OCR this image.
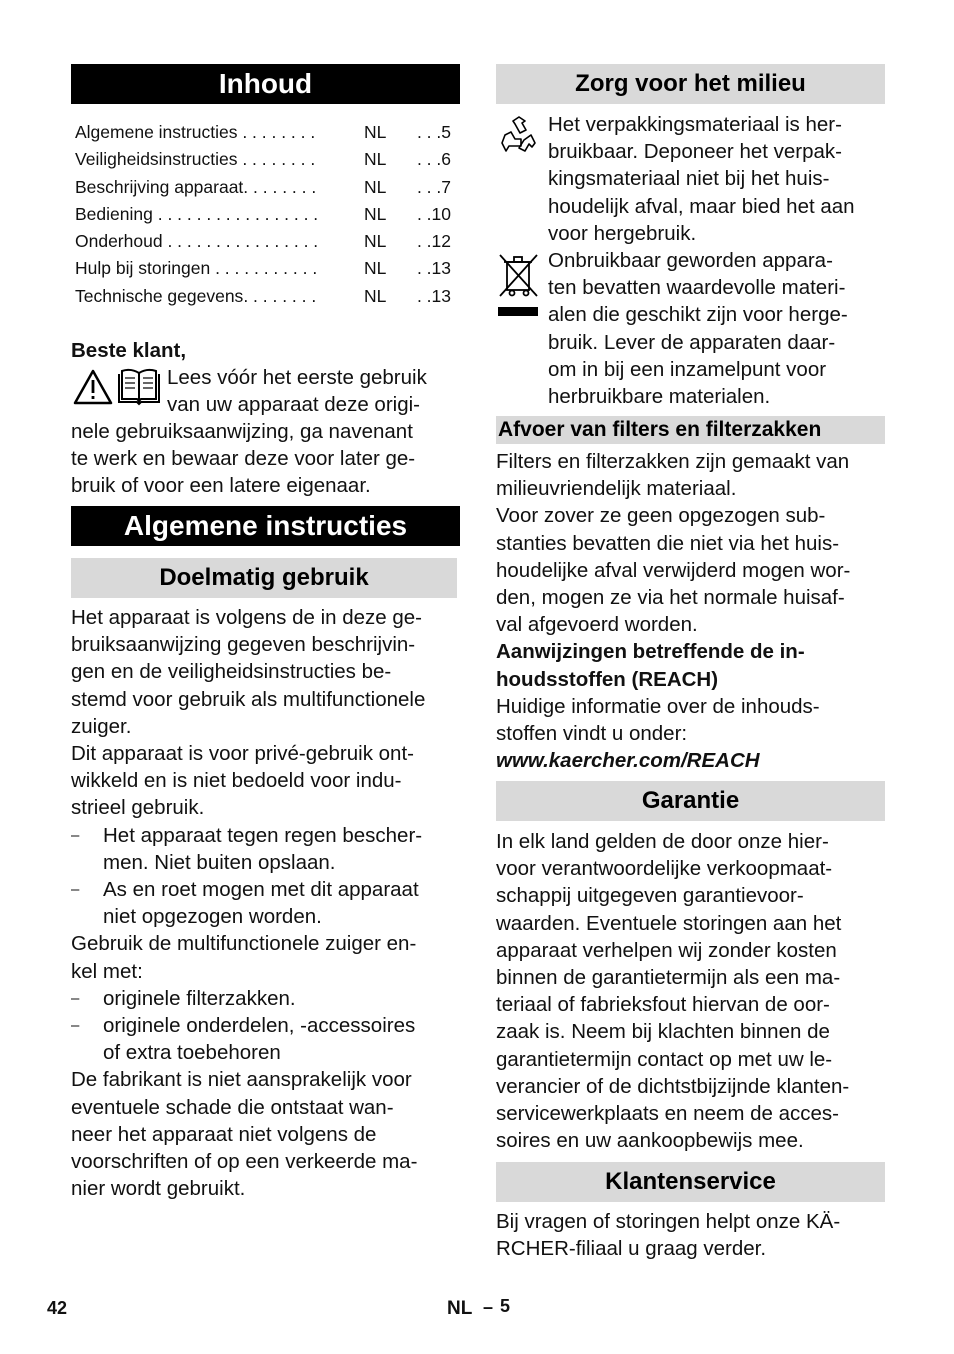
Inhoud
Algemene instructies . . . . . . . .	NL . . .5
Veiligheidsinstructies . . . . . . . .	NL . . .6
Beschrijving apparaat. . . . . . . .	NL . . .7
Bediening . . . . . . . . . . . . . . . . .	NL . .10
Onderhoud . . . . . . . . . . . . . . . .	NL . .12
Hulp bij storingen . . . . . . . . . . .	NL . .13
Technische gegevens. . . . . . . .	NL . .13
Beste klant,
Lees vóór het eerste gebruik
van uw apparaat deze origi-
nele gebruiksaanwijzing, ga navenant
te werk en bewaar deze voor later ge-
bruik of voor een latere eigenaar.
Algemene instructies
Doelmatig gebruik
Het apparaat is volgens de in deze ge-
bruiksaanwijzing gegeven beschrijvin-
gen en de veiligheidsinstructies be-
stemd voor gebruik als multifunctionele
zuiger.
Dit apparaat is voor privé-gebruik ont-
wikkeld en is niet bedoeld voor indu-
strieel gebruik.
–	Het apparaat tegen regen bescher-
men. Niet buiten opslaan.
–	As en roet mogen met dit apparaat
niet opgezogen worden.
Gebruik de multifunctionele zuiger en-
kel met:
–	originele filterzakken.
–	originele onderdelen, -accessoires
of extra toebehoren
De fabrikant is niet aansprakelijk voor
eventuele schade die ontstaat wan-
neer het apparaat niet volgens de
voorschriften of op een verkeerde ma-
nier wordt gebruikt.
Zorg voor het milieu
Het verpakkingsmateriaal is her-
bruikbaar. Deponeer het verpak-
kingsmateriaal niet bij het huis-
houdelijk afval, maar bied het aan
voor hergebruik.
Onbruikbaar geworden appara-
ten bevatten waardevolle materi-
alen die geschikt zijn voor herge-
bruik. Lever de apparaten daar-
om in bij een inzamelpunt voor
herbruikbare materialen.
Afvoer van filters en filterzakken
Filters en filterzakken zijn gemaakt van
milieuvriendelijk materiaal.
Voor zover ze geen opgezogen sub-
stanties bevatten die niet via het huis-
houdelijke afval verwijderd mogen wor-
den, mogen ze via het normale huisaf-
val afgevoerd worden.
Aanwijzingen betreffende de in-
houdsstoffen (REACH)
Huidige informatie over de inhouds-
stoffen vindt u onder:
www.kaercher.com/REACH
Garantie
In elk land gelden de door onze hier-
voor verantwoordelijke verkoopmaat-
schappij uitgegeven garantievoor-
waarden. Eventuele storingen aan het
apparaat verhelpen wij zonder kosten
binnen de garantietermijn als een ma-
teriaal of fabrieksfout hiervan de oor-
zaak is. Neem bij klachten binnen de
garantietermijn contact op met uw le-
verancier of de dichtstbijzijnde klanten-
servicewerkplaats en neem de acces-
soires en uw aankoopbewijs mee.
Klantenservice
Bij vragen of storingen helpt onze KÄ-
RCHER-filiaal u graag verder.
42	NL – 5
